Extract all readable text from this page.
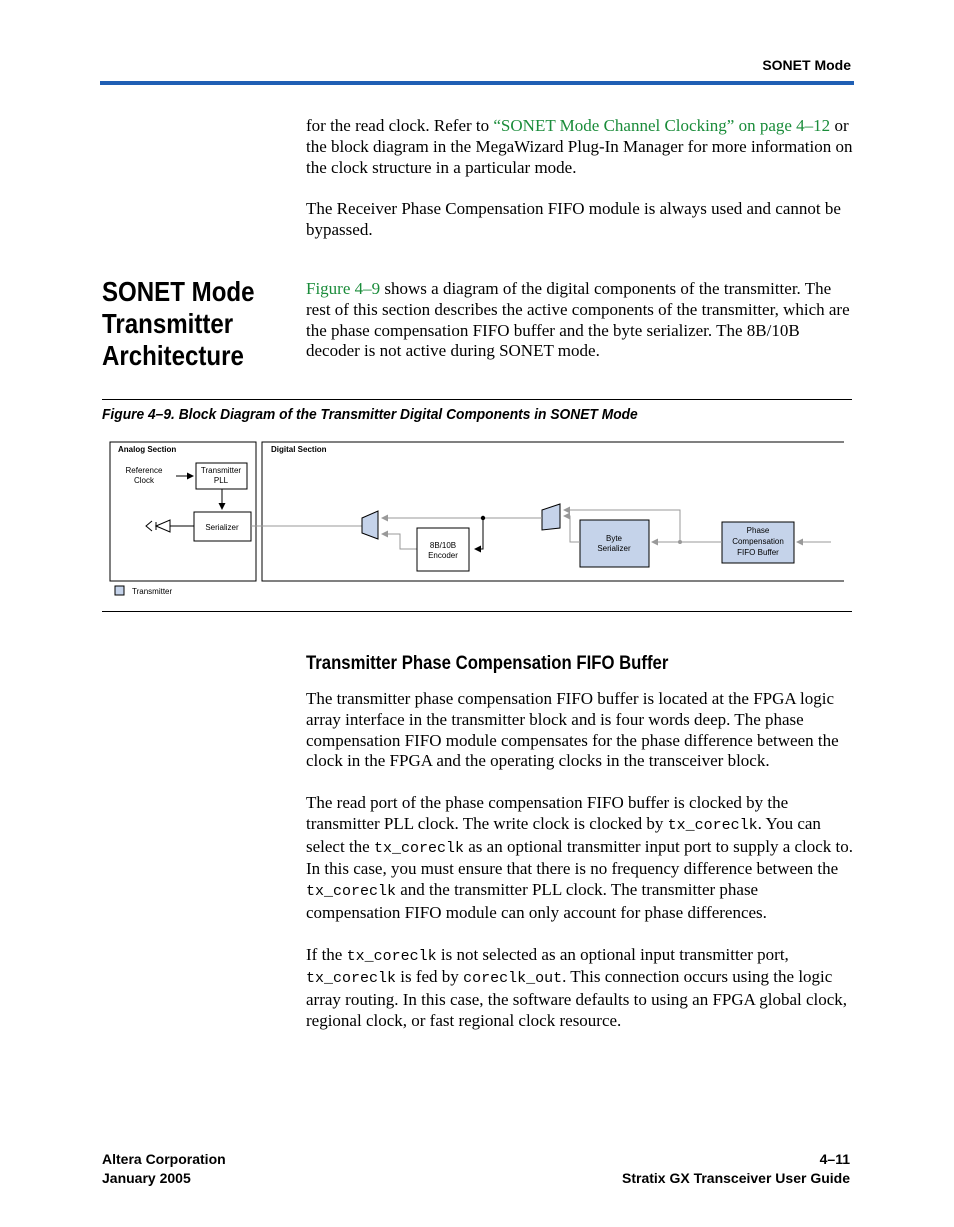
SONET Mode

for the read clock. Refer to “SONET Mode Channel Clocking” on page 4–12 or the block diagram in the MegaWizard Plug-In Manager for more information on the clock structure in a particular mode.

The Receiver Phase Compensation FIFO module is always used and cannot be bypassed.

SONET Mode
Transmitter
Architecture

Figure 4–9 shows a diagram of the digital components of the transmitter. The rest of this section describes the active components of the transmitter, which are the phase compensation FIFO buffer and the byte serializer. The 8B/10B decoder is not active during SONET mode.

Figure 4–9. Block Diagram of the Transmitter Digital Components in SONET Mode
Analog Section	Digital Section
Reference
Clock
Transmitter
PLL
Serializer
8B/10B
Encoder
Byte
Serializer
Phase
Compensation
FIFO Buffer
Transmitter
Transmitter Phase Compensation FIFO Buffer

The transmitter phase compensation FIFO buffer is located at the FPGA logic array interface in the transmitter block and is four words deep. The phase compensation FIFO module compensates for the phase difference between the clock in the FPGA and the operating clocks in the transceiver block.

The read port of the phase compensation FIFO buffer is clocked by the transmitter PLL clock. The write clock is clocked by tx_coreclk. You can select the tx_coreclk as an optional transmitter input port to supply a clock to. In this case, you must ensure that there is no frequency difference between the tx_coreclk and the transmitter PLL clock. The transmitter phase compensation FIFO module can only account for phase differences.

If the tx_coreclk is not selected as an optional input transmitter port, tx_coreclk is fed by coreclk_out. This connection occurs using the logic array routing. In this case, the software defaults to using an FPGA global clock, regional clock, or fast regional clock resource.

Altera Corporation
January 2005
4–11
Stratix GX Transceiver User Guide
